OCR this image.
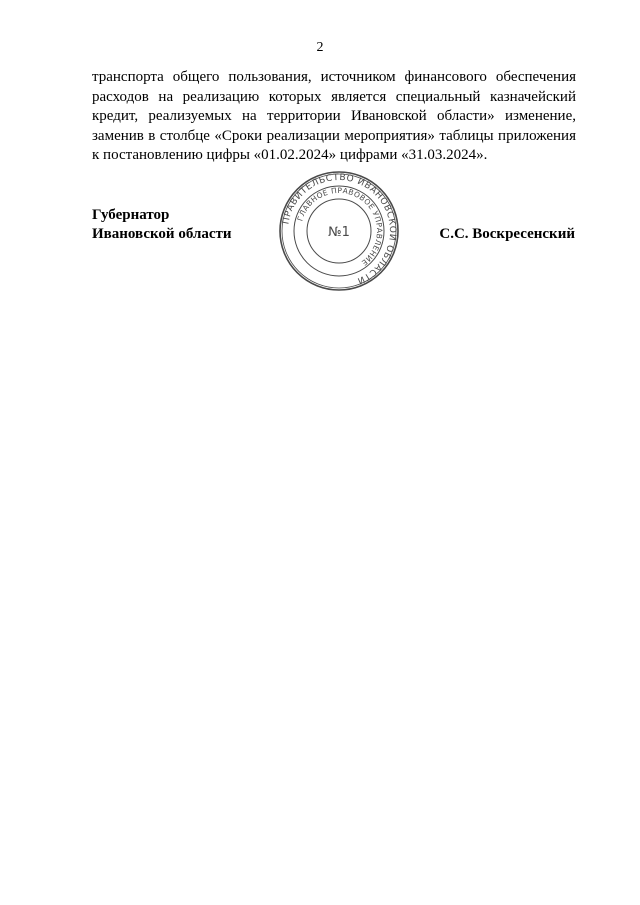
2
транспорта общего пользования, источником финансового обеспечения
расходов на реализацию которых является специальный казначейский
кредит, реализуемых на территории Ивановской области» изменение,
заменив в столбце «Сроки реализации мероприятия» таблицы приложения
к постановлению цифры «01.02.2024» цифрами «31.03.2024».
Губернатор
Ивановской области	С.С. Воскресенский
ПРАВИТЕЛЬСТВО ИВАНОВСКОЙ ОБЛАСТИ
ГЛАВНОЕ ПРАВОВОЕ УПРАВЛЕНИЕ
№1
